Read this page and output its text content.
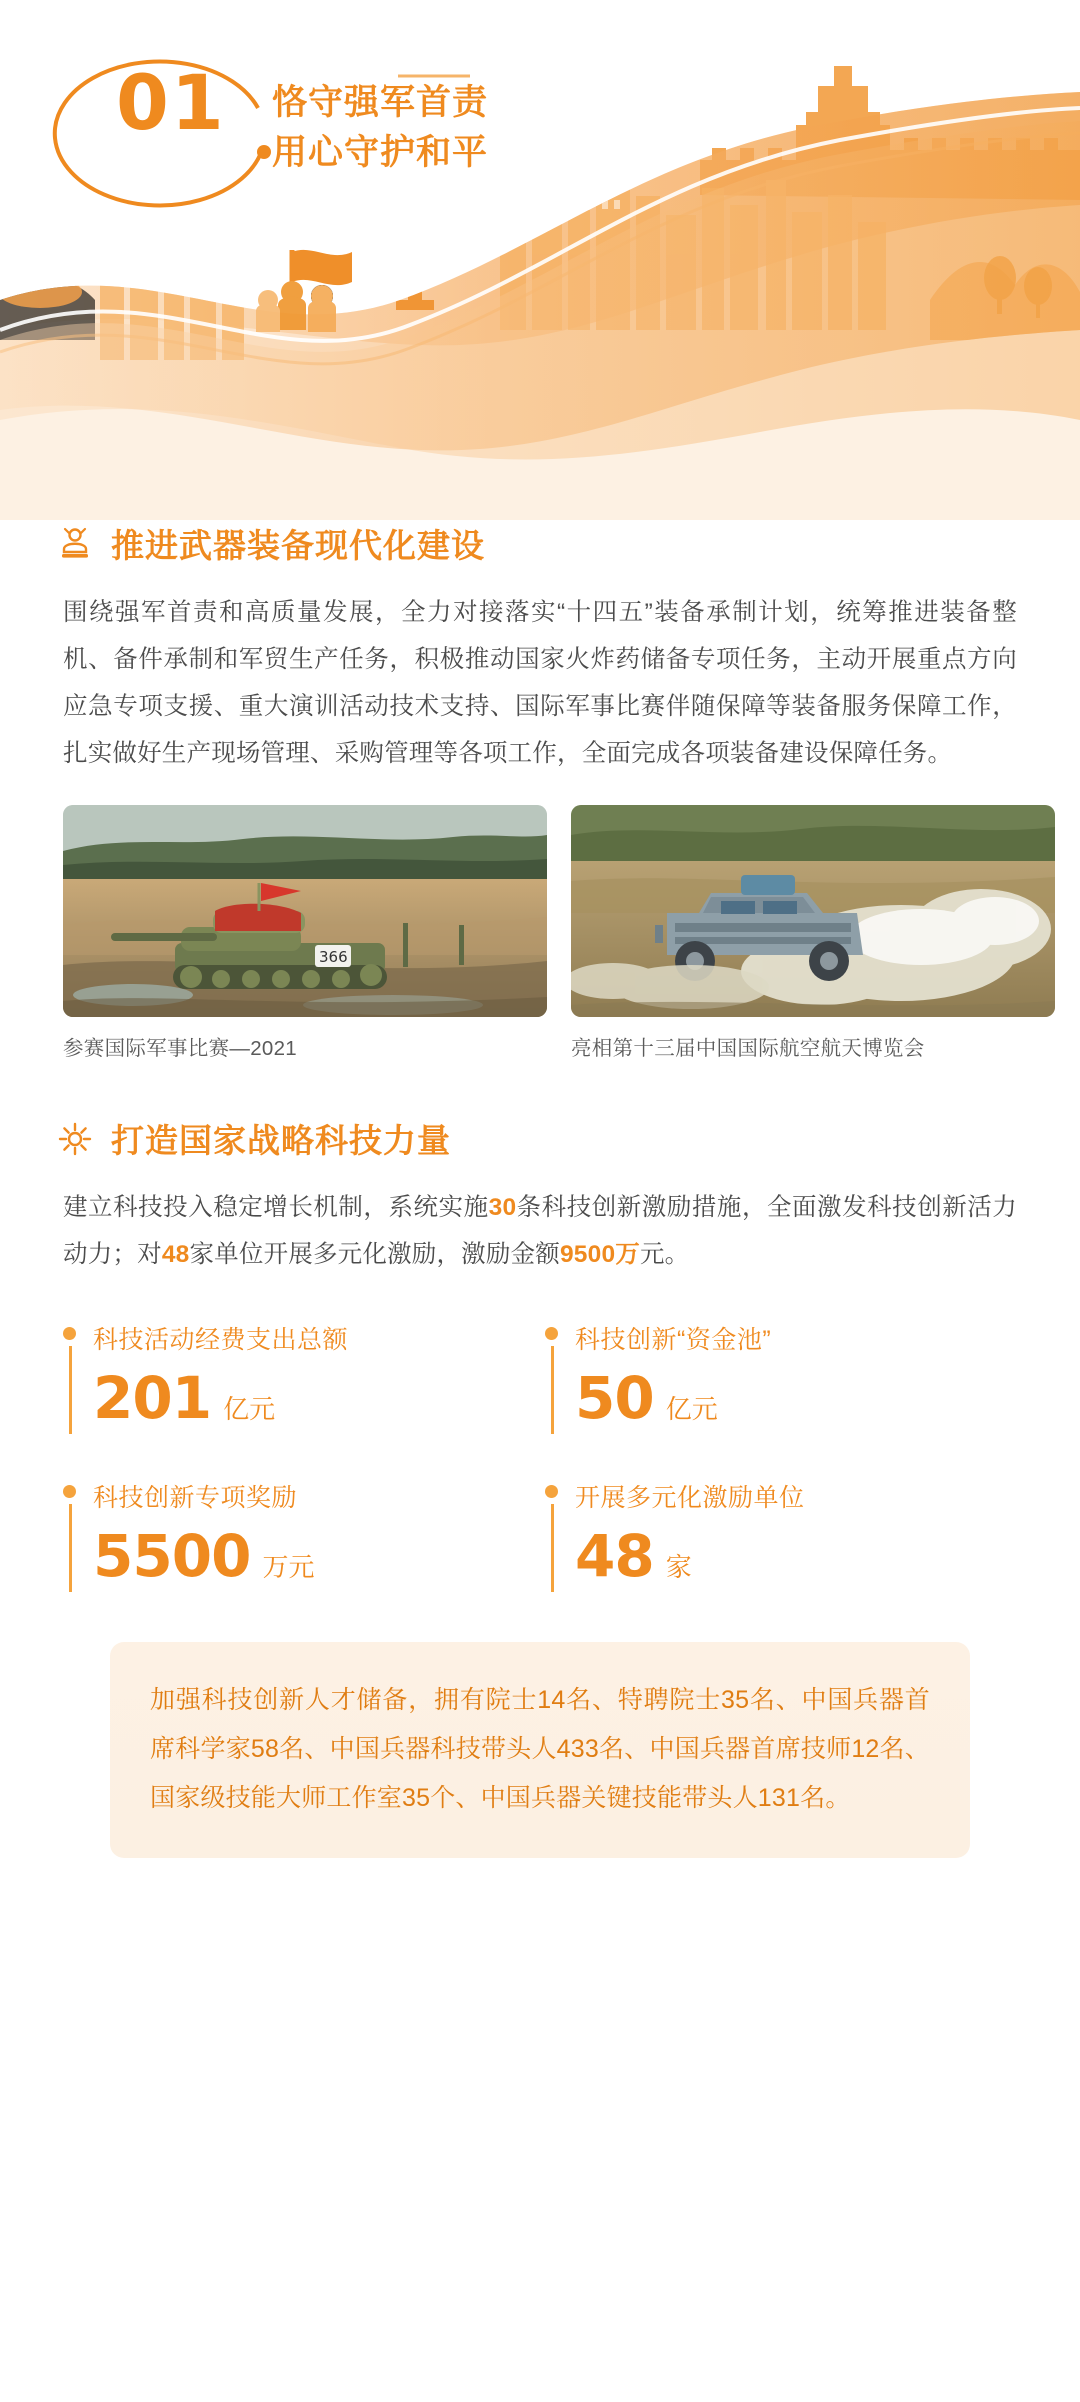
01 恪守强军首责
用心守护和平
推进武器装备现代化建设

围绕强军首责和高质量发展，全力对接落实“十四五”装备承制计划，统筹推进装备整机、备件承制和军贸生产任务，积极推动国家火炸药储备专项任务，主动开展重点方向应急专项支援、重大演训活动技术支持、国际军事比赛伴随保障等装备服务保障工作，扎实做好生产现场管理、采购管理等各项工作，全面完成各项装备建设保障任务。

366
参赛国际军事比赛—2021	亮相第十三届中国国际航空航天博览会
打造国家战略科技力量

建立科技投入稳定增长机制，系统实施30条科技创新激励措施，全面激发科技创新活力动力；对48家单位开展多元化激励，激励金额9500万元。

科技活动经费支出总额
201 亿元
科技创新“资金池”
50 亿元
科技创新专项奖励
5500 万元
开展多元化激励单位
48 家

加强科技创新人才储备，拥有院士14名、特聘院士35名、中国兵器首席科学家58名、中国兵器科技带头人433名、中国兵器首席技师12名、国家级技能大师工作室35个、中国兵器关键技能带头人131名。
